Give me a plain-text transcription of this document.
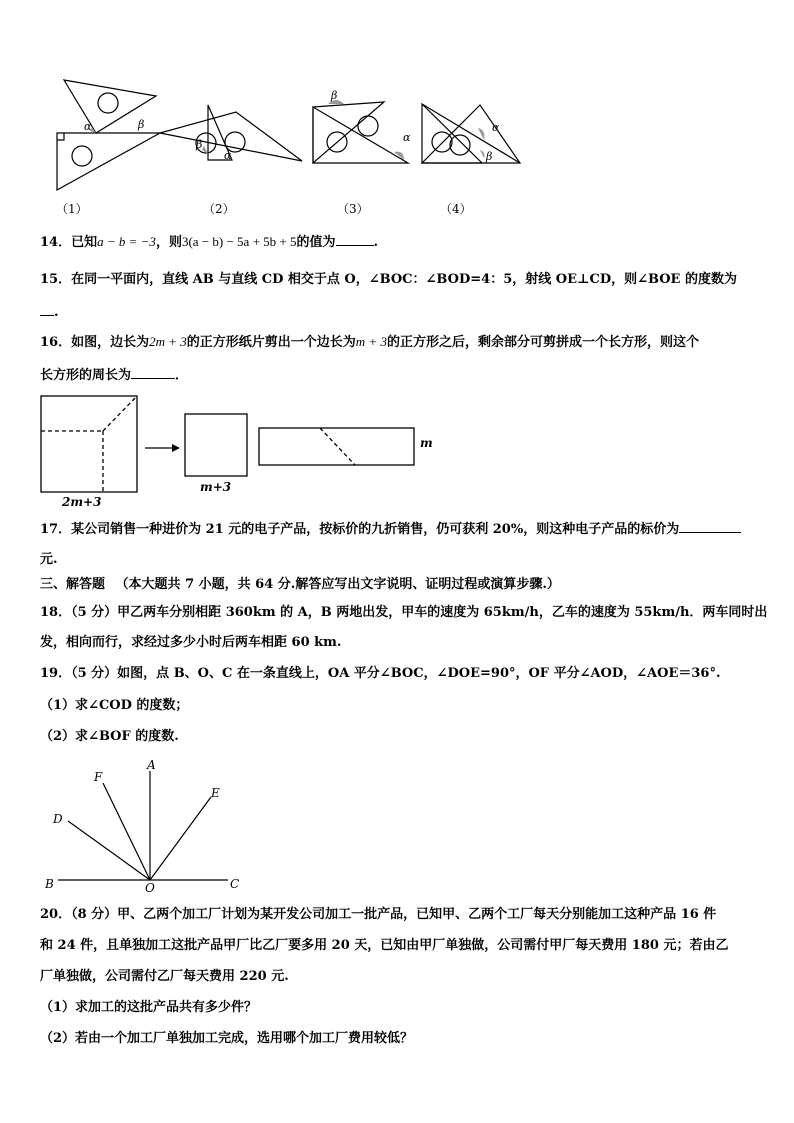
α	β
β
α
β
α
α
β
（1）	（2）	（3）	（4）
14．已知a − b = −3，则3(a − b) − 5a + 5b + 5的值为	.
15．在同一平面内，直线 AB 与直线 CD 相交于点 O，∠BOC：∠BOD=4：5，射线 OE⊥CD，则∠BOE 的度数为
.
16．如图，边长为2m + 3的正方形纸片剪出一个边长为m + 3的正方形之后，剩余部分可剪拼成一个长方形，则这个
长方形的周长为	．
2m+3
m+3
m
17．某公司销售一种进价为 21 元的电子产品，按标价的九折销售，仍可获利 20%，则这种电子产品的标价为
元.
三、解答题 （本大题共 7 小题，共 64 分.解答应写出文字说明、证明过程或演算步骤.）
18．（5 分）甲乙两车分别相距 360km 的 A，B 两地出发，甲车的速度为 65km/h，乙车的速度为 55km/h．两车同时出
发，相向而行，求经过多少小时后两车相距 60 km.
19．（5 分）如图，点 B、O、C 在一条直线上，OA 平分∠BOC，∠DOE=90°，OF 平分∠AOD，∠AOE＝36°.
（1）求∠COD 的度数；
（2）求∠BOF 的度数.
F
A
E
D
B	O	C
20．（8 分）甲、乙两个加工厂计划为某开发公司加工一批产品，已知甲、乙两个工厂每天分别能加工这种产品 16 件
和 24 件，且单独加工这批产品甲厂比乙厂要多用 20 天，已知由甲厂单独做，公司需付甲厂每天费用 180 元；若由乙
厂单独做，公司需付乙厂每天费用 220 元.
（1）求加工的这批产品共有多少件？
（2）若由一个加工厂单独加工完成，选用哪个加工厂费用较低？
